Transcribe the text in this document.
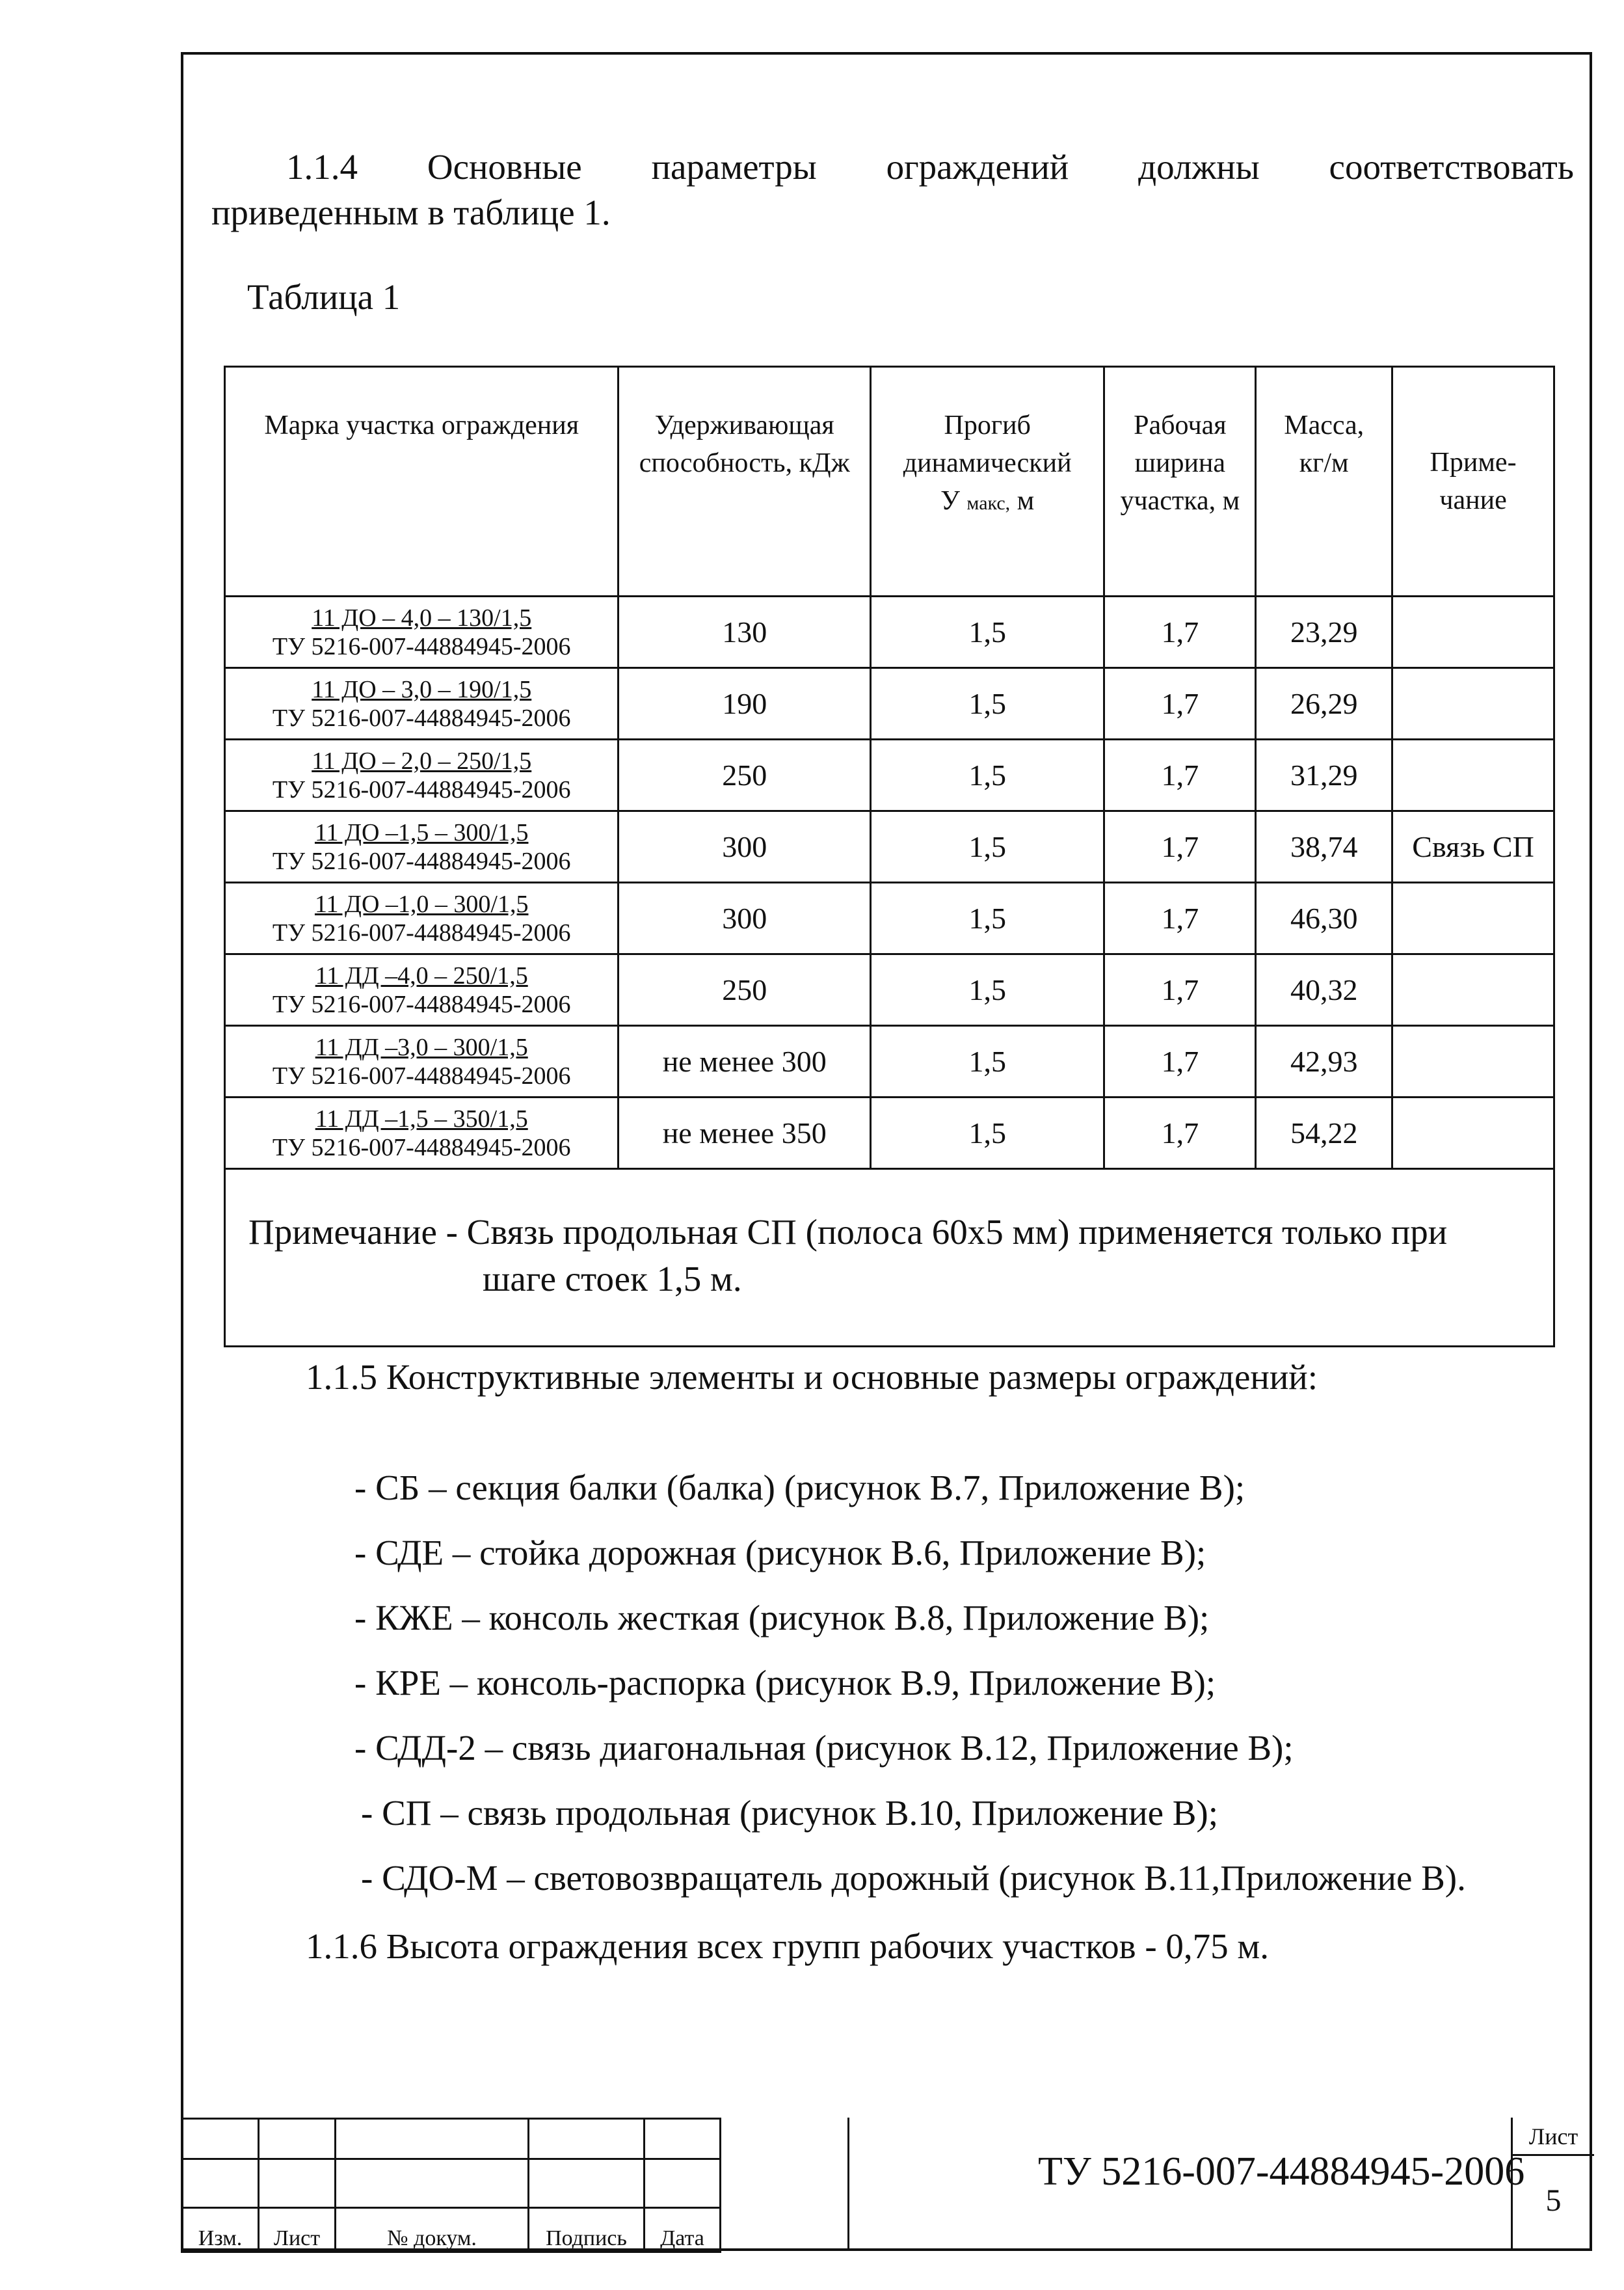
1.1.4 Основные параметры ограждений должны соответствовать
приведенным в таблице 1.
Таблица 1
Марка участка ограждения	Удерживающая способность, кДж	Прогиб динамический
У макс, м	Рабочая ширина участка, м	Масса, кг/м	Приме-чание

11 ДО – 4,0 – 130/1,5
ТУ 5216-007-44884945-2006	130	1,5	1,7	23,29	

11 ДО – 3,0 – 190/1,5
ТУ 5216-007-44884945-2006	190	1,5	1,7	26,29	

11 ДО – 2,0 – 250/1,5
ТУ 5216-007-44884945-2006	250	1,5	1,7	31,29	

11 ДО –1,5 – 300/1,5
ТУ 5216-007-44884945-2006	300	1,5	1,7	38,74	Связь СП

11 ДО –1,0 – 300/1,5
ТУ 5216-007-44884945-2006	300	1,5	1,7	46,30	

11 ДД –4,0 – 250/1,5
ТУ 5216-007-44884945-2006	250	1,5	1,7	40,32	

11 ДД –3,0 – 300/1,5
ТУ 5216-007-44884945-2006	не менее 300	1,5	1,7	42,93	

11 ДД –1,5 – 350/1,5
ТУ 5216-007-44884945-2006	не менее 350	1,5	1,7	54,22	

Примечание - Связь продольная СП (полоса 60х5 мм) применяется только при
шаге стоек 1,5 м.					
1.1.5 Конструктивные элементы и основные размеры ограждений:
- СБ – секция балки (балка) (рисунок В.7, Приложение В);
- СДЕ – стойка дорожная (рисунок В.6, Приложение В);
- КЖЕ – консоль жесткая (рисунок В.8, Приложение В);
- КРЕ – консоль-распорка (рисунок В.9, Приложение В);
- СДД-2 – связь диагональная (рисунок В.12, Приложение В);
- СП – связь продольная (рисунок В.10, Приложение В);
- СДО-М – световозвращатель дорожный (рисунок В.11,Приложение В).
1.1.6 Высота ограждения всех групп рабочих участков - 0,75 м.

Изм.	Лист	№ докум.	Подпись	Дата
ТУ 5216-007-44884945-2006
Лист
5
